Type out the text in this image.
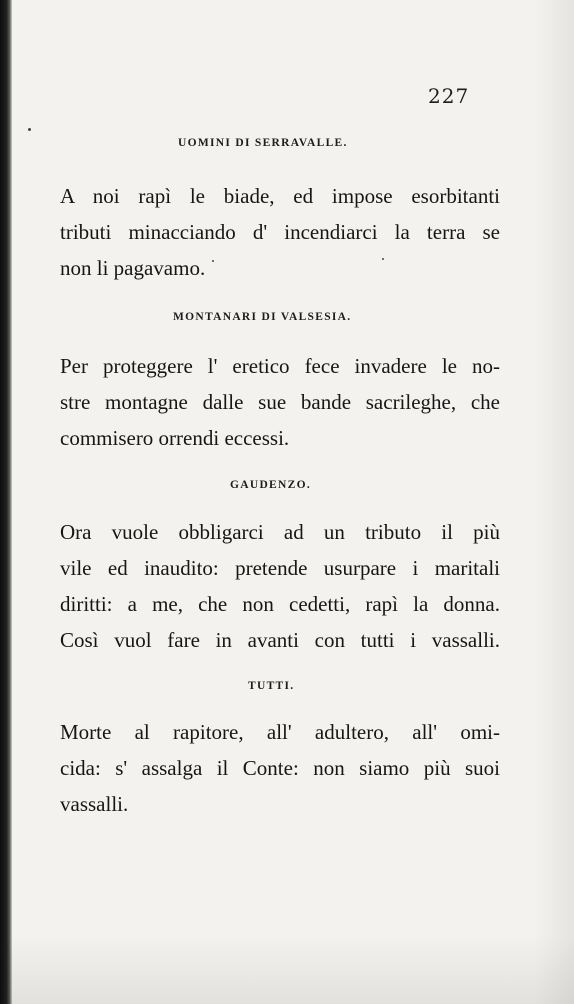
227
UOMINI DI SERRAVALLE.
A noi rapì le biade, ed impose esorbitanti
tributi minacciando d' incendiarci la terra se
non li pagavamo.
MONTANARI DI VALSESIA.
Per proteggere l' eretico fece invadere le no-
stre montagne dalle sue bande sacrileghe, che
commisero orrendi eccessi.
GAUDENZO.
Ora vuole obbligarci ad un tributo il più
vile ed inaudito: pretende usurpare i maritali
diritti: a me, che non cedetti, rapì la donna.
Così vuol fare in avanti con tutti i vassalli.
TUTTI.
Morte al rapitore, all' adultero, all' omi-
cida: s' assalga il Conte: non siamo più suoi
vassalli.
